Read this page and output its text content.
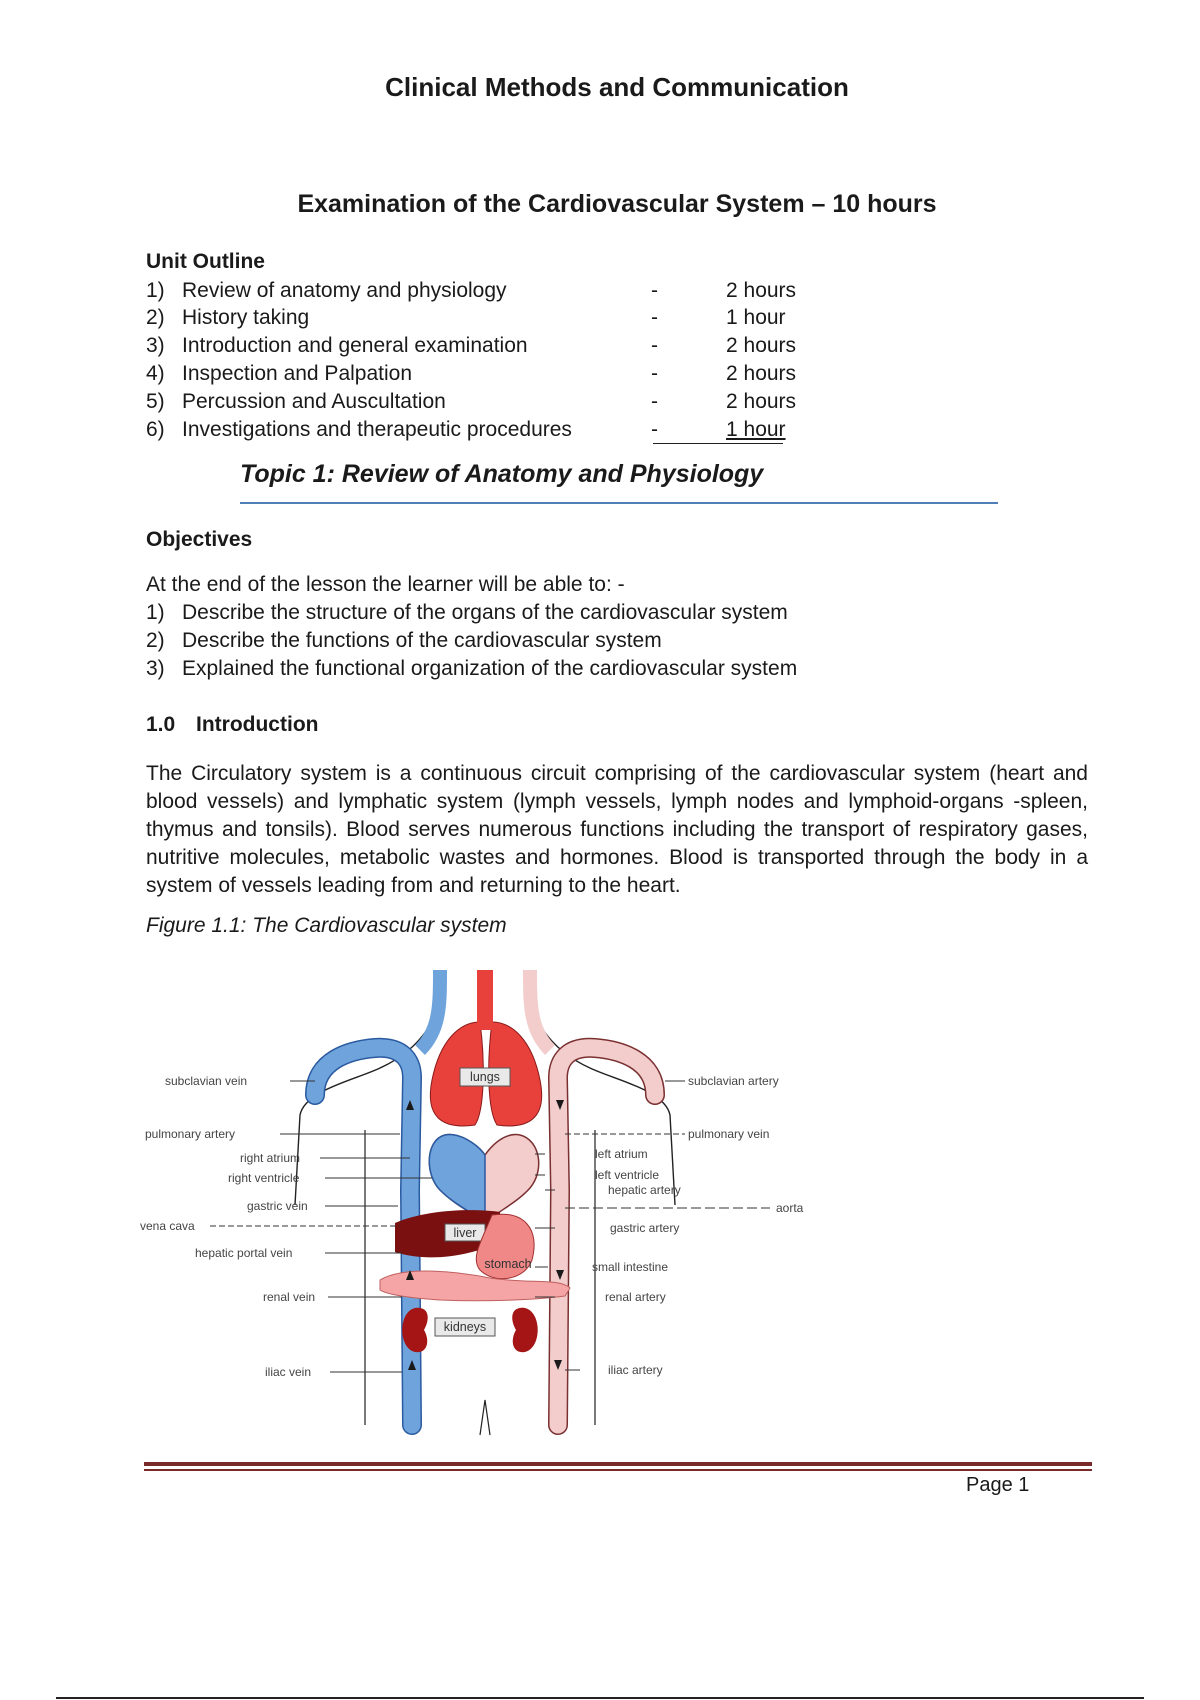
Clinical Methods and Communication
Examination of the Cardiovascular System – 10 hours
Unit Outline
1) Review of anatomy and physiology	-	2 hours
2) History taking	-	1 hour
3) Introduction and general examination	-	2 hours
4) Inspection and Palpation	-	2 hours
5) Percussion and Auscultation	-	2 hours
6) Investigations and therapeutic procedures	-	1 hour
Topic 1: Review of Anatomy and Physiology
Objectives
At the end of the lesson the learner will be able to: -
1) Describe the structure of the organs of the cardiovascular system
2) Describe the functions of the cardiovascular system
3) Explained the functional organization of the cardiovascular system
1.0 Introduction
The Circulatory system is a continuous circuit comprising of the cardiovascular system (heart and blood vessels) and lymphatic system (lymph vessels, lymph nodes and lymphoid-organs -spleen, thymus and tonsils). Blood serves numerous functions including the transport of respiratory gases, nutritive molecules, metabolic wastes and hormones. Blood is transported through the body in a system of vessels leading from and returning to the heart.
Figure 1.1: The Cardiovascular system
lungs
liver
stomach
kidneys
subclavian vein
pulmonary artery
right atrium
right ventricle
gastric vein
vena cava
hepatic portal vein
renal vein
iliac vein
subclavian artery
pulmonary vein
left atrium
left ventricle
hepatic artery
aorta
gastric artery
small intestine
renal artery
iliac artery
Page 1
